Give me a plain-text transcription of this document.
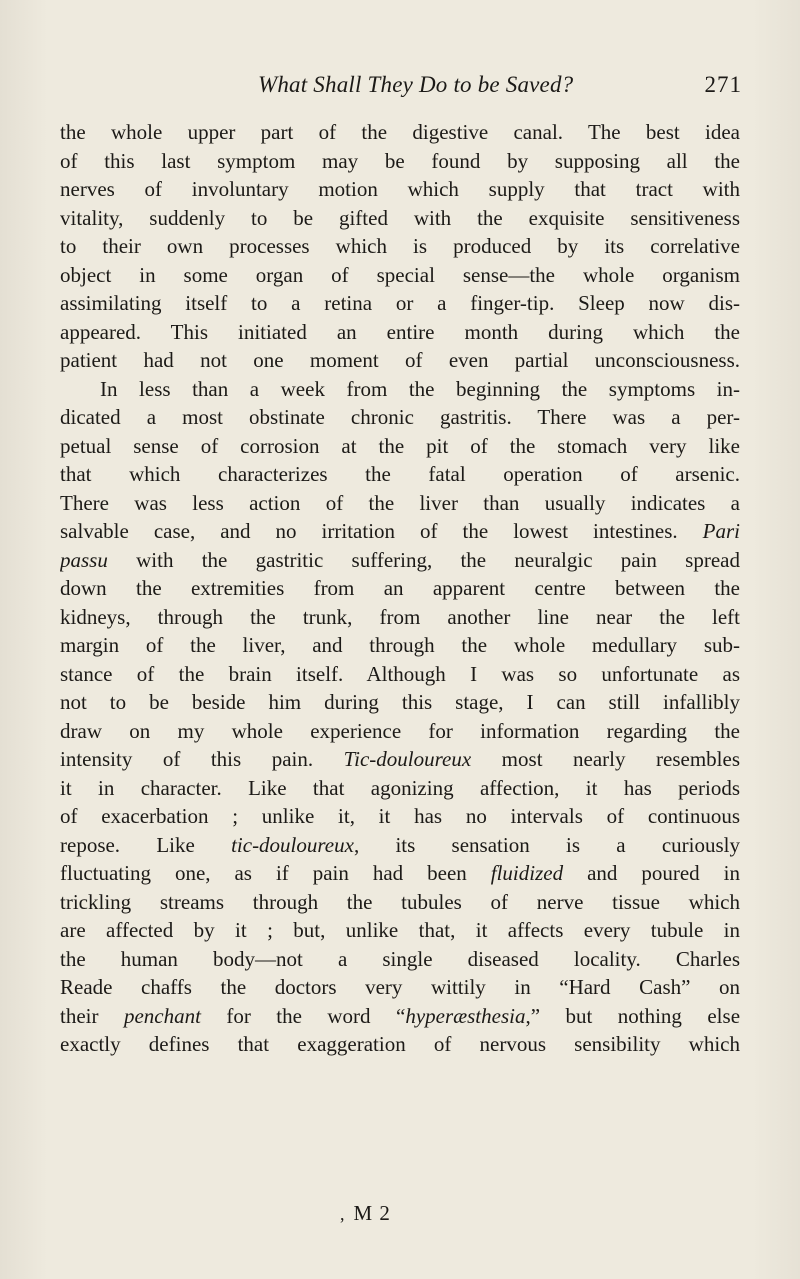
What Shall They Do to be Saved?	271
the whole upper part of the digestive canal. The best idea
of this last symptom may be found by supposing all the
nerves of involuntary motion which supply that tract with
vitality, suddenly to be gifted with the exquisite sensitiveness
to their own processes which is produced by its correlative
object in some organ of special sense—the whole organism
assimilating itself to a retina or a finger-tip. Sleep now dis-
appeared. This initiated an entire month during which the
patient had not one moment of even partial unconsciousness.
In less than a week from the beginning the symptoms in-
dicated a most obstinate chronic gastritis. There was a per-
petual sense of corrosion at the pit of the stomach very like
that which characterizes the fatal operation of arsenic.
There was less action of the liver than usually indicates a
salvable case, and no irritation of the lowest intestines. Pari
passu with the gastritic suffering, the neuralgic pain spread
down the extremities from an apparent centre between the
kidneys, through the trunk, from another line near the left
margin of the liver, and through the whole medullary sub-
stance of the brain itself. Although I was so unfortunate as
not to be beside him during this stage, I can still infallibly
draw on my whole experience for information regarding the
intensity of this pain. Tic-douloureux most nearly resembles
it in character. Like that agonizing affection, it has periods
of exacerbation ; unlike it, it has no intervals of continuous
repose. Like tic-douloureux, its sensation is a curiously
fluctuating one, as if pain had been fluidized and poured in
trickling streams through the tubules of nerve tissue which
are affected by it ; but, unlike that, it affects every tubule in
the human body—not a single diseased locality. Charles
Reade chaffs the doctors very wittily in “Hard Cash” on
their penchant for the word “hyperæsthesia,” but nothing else
exactly defines that exaggeration of nervous sensibility which
, M 2
